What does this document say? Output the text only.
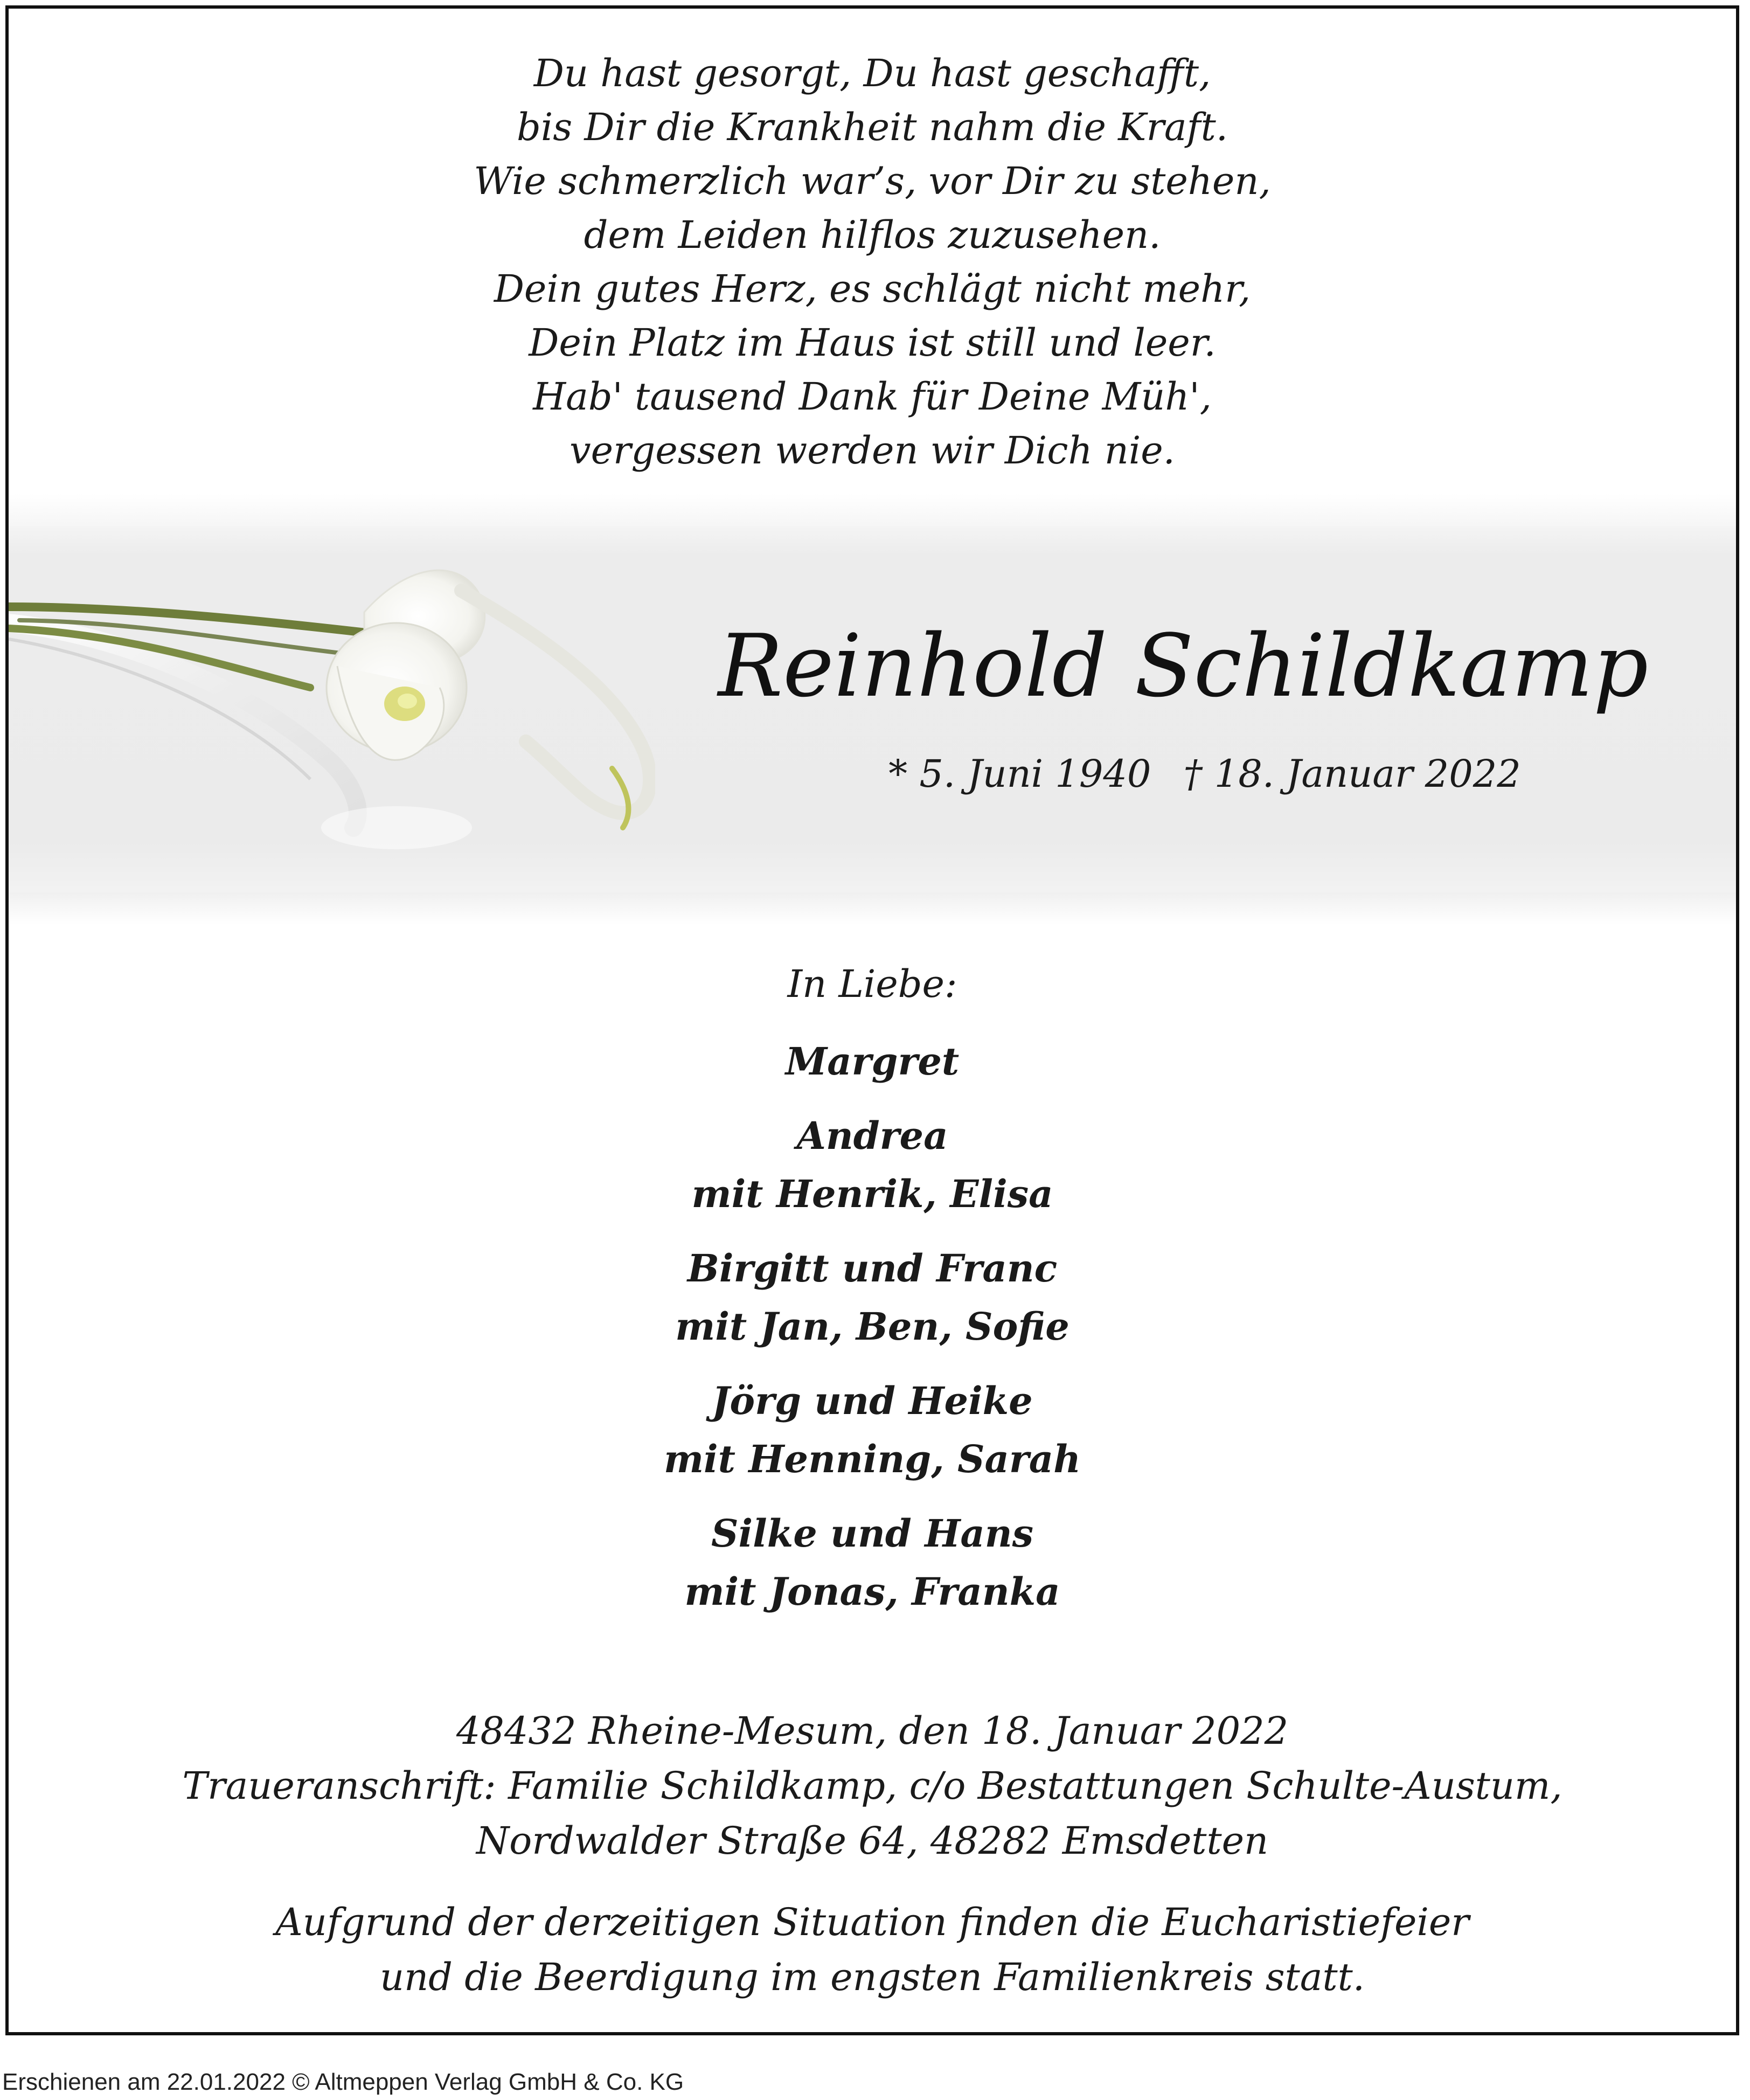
Du hast gesorgt, Du hast geschafft,
bis Dir die Krankheit nahm die Kraft.
Wie schmerzlich war’s, vor Dir zu stehen,
dem Leiden hilflos zuzusehen.
Dein gutes Herz, es schlägt nicht mehr,
Dein Platz im Haus ist still und leer.
Hab' tausend Dank für Deine Müh',
vergessen werden wir Dich nie.
Reinhold Schildkamp
* 5. Juni 1940 † 18. Januar 2022
In Liebe:
Margret
Andrea
mit Henrik, Elisa
Birgitt und Franc
mit Jan, Ben, Sofie
Jörg und Heike
mit Henning, Sarah
Silke und Hans
mit Jonas, Franka
48432 Rheine-Mesum, den 18. Januar 2022
Traueranschrift: Familie Schildkamp, c/o Bestattungen Schulte-Austum,
Nordwalder Straße 64, 48282 Emsdetten
Aufgrund der derzeitigen Situation finden die Eucharistiefeier
und die Beerdigung im engsten Familienkreis statt.
Erschienen am 22.01.2022 © Altmeppen Verlag GmbH & Co. KG
